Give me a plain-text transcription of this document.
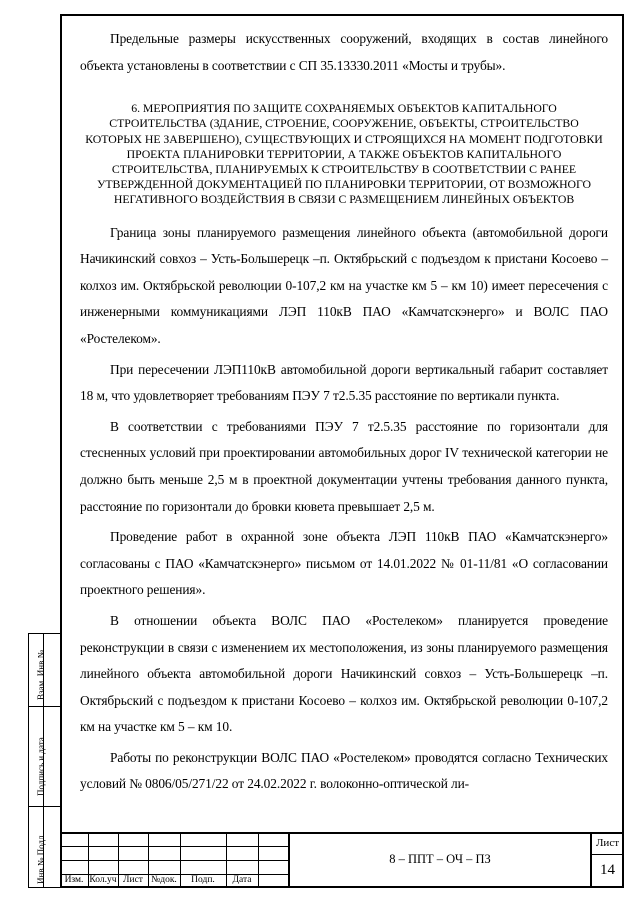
Предельные размеры искусственных сооружений, входящих в состав линейного объекта установлены в соответствии с СП 35.13330.2011 «Мосты и трубы».

6. МЕРОПРИЯТИЯ ПО ЗАЩИТЕ СОХРАНЯЕМЫХ ОБЪЕКТОВ КАПИТАЛЬНОГО СТРОИТЕЛЬСТВА (ЗДАНИЕ, СТРОЕНИЕ, СООРУЖЕНИЕ, ОБЪЕКТЫ, СТРОИТЕЛЬСТВО КОТОРЫХ НЕ ЗАВЕРШЕНО), СУЩЕСТВУЮЩИХ И СТРОЯЩИХСЯ НА МОМЕНТ ПОДГОТОВКИ ПРОЕКТА ПЛАНИРОВКИ ТЕРРИТОРИИ, А ТАКЖЕ ОБЪЕКТОВ КАПИТАЛЬНОГО СТРОИТЕЛЬСТВА, ПЛАНИРУЕМЫХ К СТРОИТЕЛЬСТВУ В СООТВЕТСТВИИ С РАНЕЕ УТВЕРЖДЕННОЙ ДОКУМЕНТАЦИЕЙ ПО ПЛАНИРОВКИ ТЕРРИТОРИИ, ОТ ВОЗМОЖНОГО НЕГАТИВНОГО ВОЗДЕЙСТВИЯ В СВЯЗИ С РАЗМЕЩЕНИЕМ ЛИНЕЙНЫХ ОБЪЕКТОВ

Граница зоны планируемого размещения линейного объекта (автомобильной дороги Начикинский совхоз – Усть-Большерецк –п. Октябрьский с подъездом к пристани Косоево – колхоз им. Октябрьской революции 0-107,2 км на участке км 5 – км 10) имеет пересечения с инженерными коммуникациями ЛЭП 110кВ ПАО «Камчатскэнерго» и ВОЛС ПАО «Ростелеком».

При пересечении ЛЭП110кВ автомобильной дороги вертикальный габарит составляет 18 м, что удовлетворяет требованиям ПЭУ 7 т2.5.35 расстояние по вертикали пункта.

В соответствии с требованиями ПЭУ 7 т2.5.35 расстояние по горизонтали для стесненных условий при проектировании автомобильных дорог IV технической категории не должно быть меньше 2,5 м в проектной документации учтены требования данного пункта, расстояние по горизонтали до бровки кювета превышает 2,5 м.

Проведение работ в охранной зоне объекта ЛЭП 110кВ ПАО «Камчатскэнерго» согласованы с ПАО «Камчатскэнерго» письмом от 14.01.2022 № 01-11/81 «О согласовании проектного решения».

В отношении объекта ВОЛС ПАО «Ростелеком» планируется проведение реконструкции в связи с изменением их местоположения, из зоны планируемого размещения линейного объекта автомобильной дороги Начикинский совхоз – Усть-Большерецк –п. Октябрьский с подъездом к пристани Косоево – колхоз им. Октябрьской революции 0-107,2 км на участке км 5 – км 10.

Работы по реконструкции ВОЛС ПАО «Ростелеком» проводятся согласно Технических условий № 0806/05/271/22 от 24.02.2022 г. волоконно-оптической ли-

Взам. Инв.№
Подпись и дата
Инв.№ Подл	Изм. Кол.уч Лист №док.	Подп.	Дата
8 – ППТ – ОЧ – ПЗ
Лист
14
